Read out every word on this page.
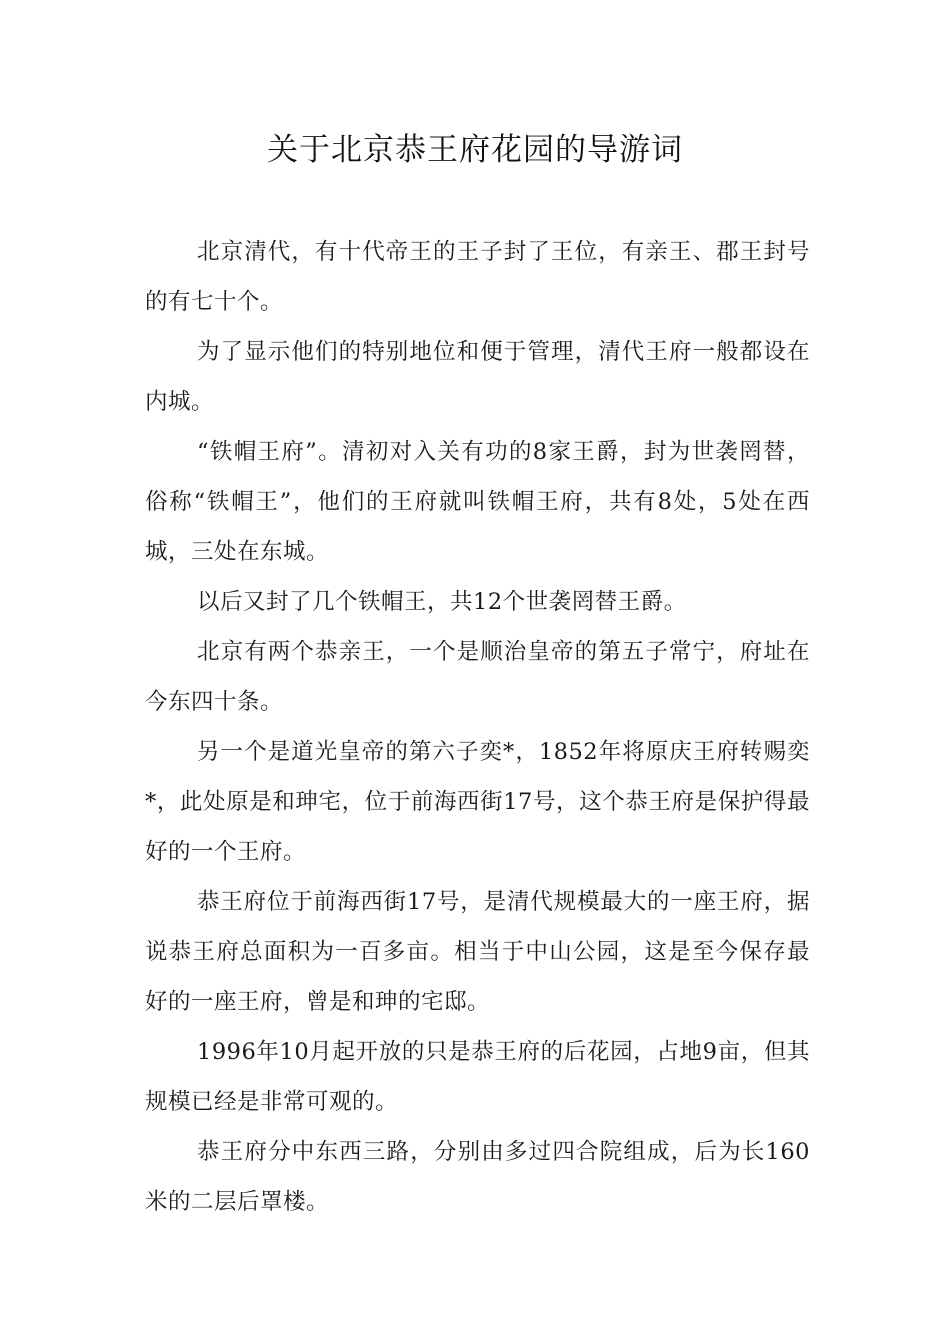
关于北京恭王府花园的导游词

北京清代，有十代帝王的王子封了王位，有亲王、郡王封号的有七十个。

为了显示他们的特别地位和便于管理，清代王府一般都设在内城。

“铁帽王府”。清初对入关有功的8家王爵，封为世袭罔替，俗称“铁帽王”，他们的王府就叫铁帽王府，共有8处，5处在西城，三处在东城。

以后又封了几个铁帽王，共12个世袭罔替王爵。

北京有两个恭亲王，一个是顺治皇帝的第五子常宁，府址在今东四十条。

另一个是道光皇帝的第六子奕*，1852年将原庆王府转赐奕*，此处原是和珅宅，位于前海西街17号，这个恭王府是保护得最好的一个王府。

恭王府位于前海西街17号，是清代规模最大的一座王府，据说恭王府总面积为一百多亩。相当于中山公园，这是至今保存最好的一座王府，曾是和珅的宅邸。

1996年10月起开放的只是恭王府的后花园，占地9亩，但其规模已经是非常可观的。

恭王府分中东西三路，分别由多过四合院组成，后为长160米的二层后罩楼。
